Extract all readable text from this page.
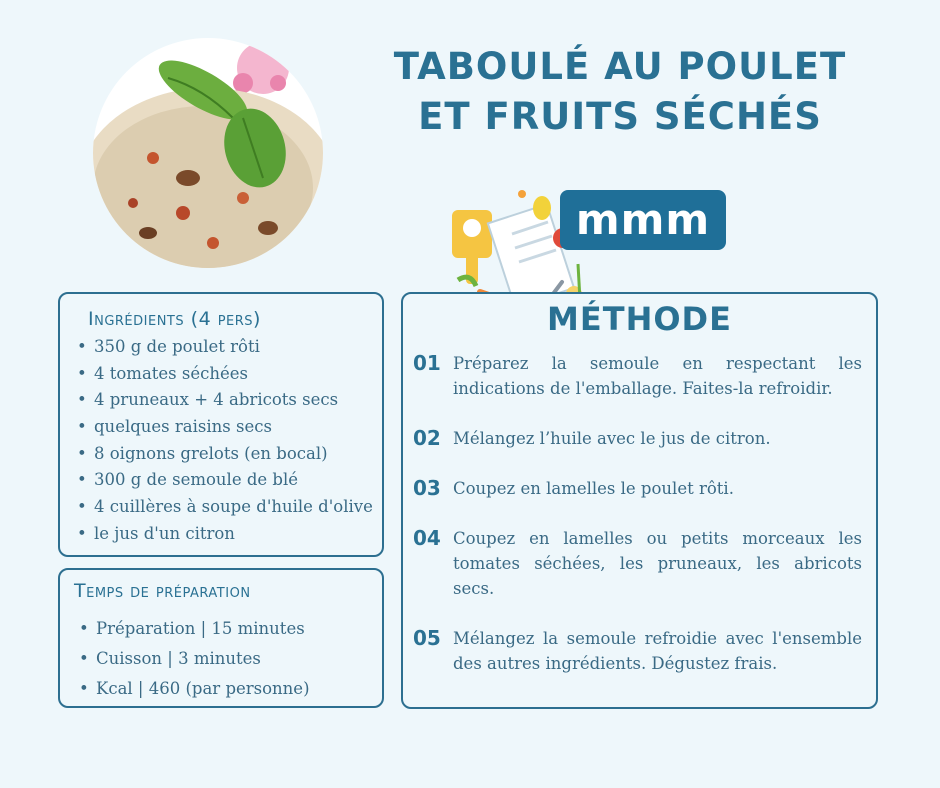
TABOULÉ AU POULET
ET FRUITS SÉCHÉS
mmm
Ingrédients (4 pers)
• 350 g de poulet rôti
• 4 tomates séchées
• 4 pruneaux + 4 abricots secs
• quelques raisins secs
• 8 oignons grelots (en bocal)
• 300 g de semoule de blé
• 4 cuillères à soupe d'huile d'olive
• le jus d'un citron
Temps de préparation
• Préparation | 15 minutes
• Cuisson | 3 minutes
• Kcal | 460 (par personne)
MÉTHODE
01 Préparez la semoule en respectant les indications de l'emballage. Faites-la refroidir.
02 Mélangez l’huile avec le jus de citron.
03 Coupez en lamelles le poulet rôti.
04 Coupez en lamelles ou petits morceaux les tomates séchées, les pruneaux, les abricots secs.
05 Mélangez la semoule refroidie avec l'ensemble des autres ingrédients. Dégustez frais.
